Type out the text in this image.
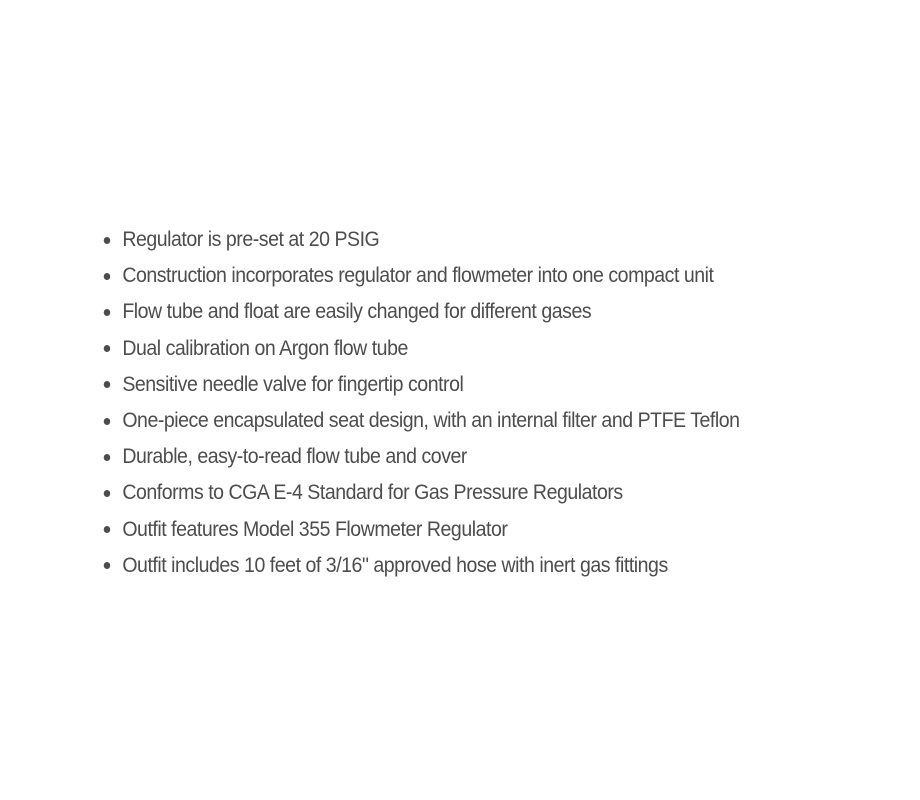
Regulator is pre-set at 20 PSIG
Construction incorporates regulator and flowmeter into one compact unit
Flow tube and float are easily changed for different gases
Dual calibration on Argon flow tube
Sensitive needle valve for fingertip control
One-piece encapsulated seat design, with an internal filter and PTFE Teflon
Durable, easy-to-read flow tube and cover
Conforms to CGA E-4 Standard for Gas Pressure Regulators
Outfit features Model 355 Flowmeter Regulator
Outfit includes 10 feet of 3/16" approved hose with inert gas fittings
